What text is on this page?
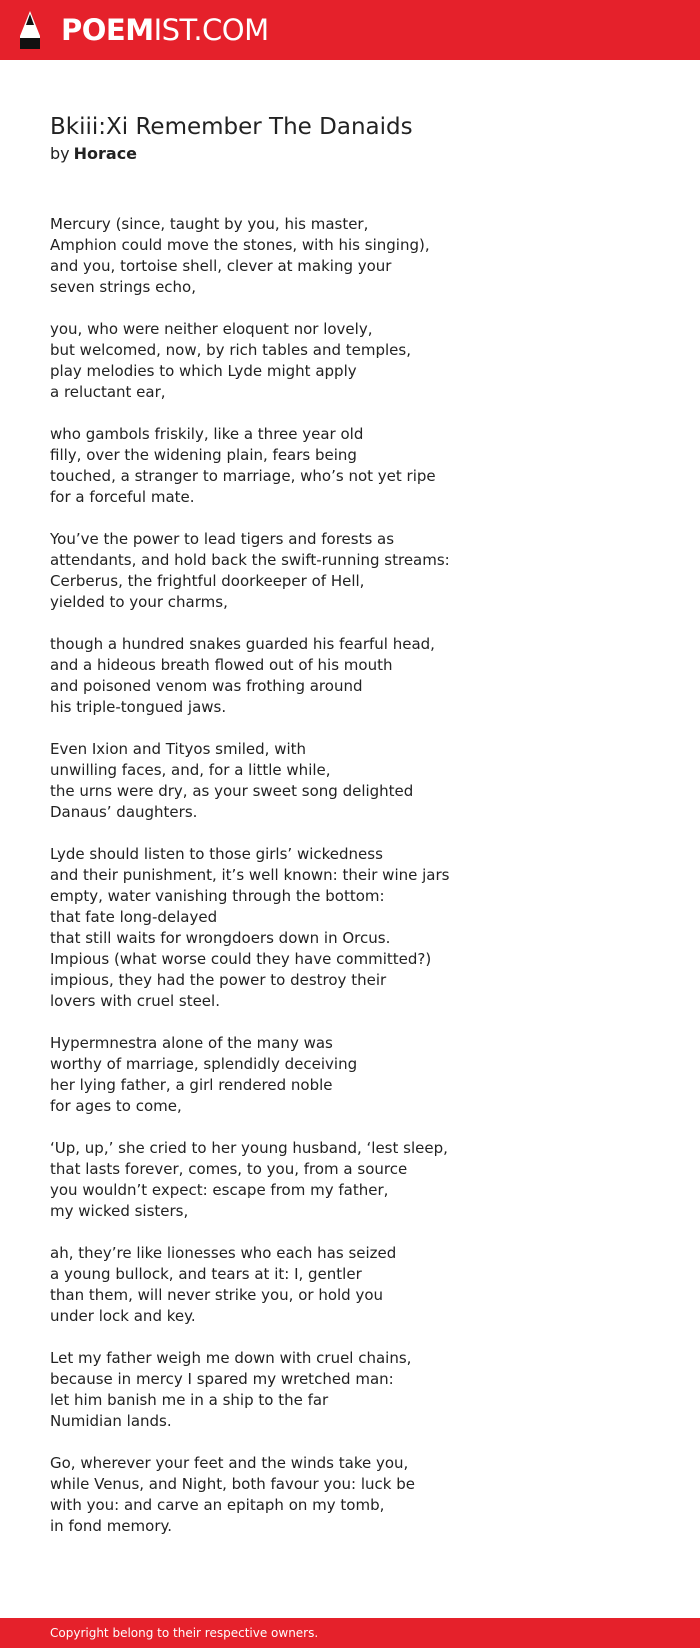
POEMIST.COM
Bkiii:Xi Remember The Danaids
by Horace

Mercury (since, taught by you, his master,
Amphion could move the stones, with his singing),
and you, tortoise shell, clever at making your
seven strings echo,

you, who were neither eloquent nor lovely,
but welcomed, now, by rich tables and temples,
play melodies to which Lyde might apply
a reluctant ear,

who gambols friskily, like a three year old
filly, over the widening plain, fears being
touched, a stranger to marriage, who’s not yet ripe
for a forceful mate.

You’ve the power to lead tigers and forests as
attendants, and hold back the swift-running streams:
Cerberus, the frightful doorkeeper of Hell,
yielded to your charms,

though a hundred snakes guarded his fearful head,
and a hideous breath flowed out of his mouth
and poisoned venom was frothing around
his triple-tongued jaws.

Even Ixion and Tityos smiled, with
unwilling faces, and, for a little while,
the urns were dry, as your sweet song delighted
Danaus’ daughters.

Lyde should listen to those girls’ wickedness
and their punishment, it’s well known: their wine jars
empty, water vanishing through the bottom:
that fate long-delayed
that still waits for wrongdoers down in Orcus.
Impious (what worse could they have committed?)
impious, they had the power to destroy their
lovers with cruel steel.

Hypermnestra alone of the many was
worthy of marriage, splendidly deceiving
her lying father, a girl rendered noble
for ages to come,

‘Up, up,’ she cried to her young husband, ‘lest sleep,
that lasts forever, comes, to you, from a source
you wouldn’t expect: escape from my father,
my wicked sisters,

ah, they’re like lionesses who each has seized
a young bullock, and tears at it: I, gentler
than them, will never strike you, or hold you
under lock and key.

Let my father weigh me down with cruel chains,
because in mercy I spared my wretched man:
let him banish me in a ship to the far
Numidian lands.

Go, wherever your feet and the winds take you,
while Venus, and Night, both favour you: luck be
with you: and carve an epitaph on my tomb,
in fond memory.

Copyright belong to their respective owners.
